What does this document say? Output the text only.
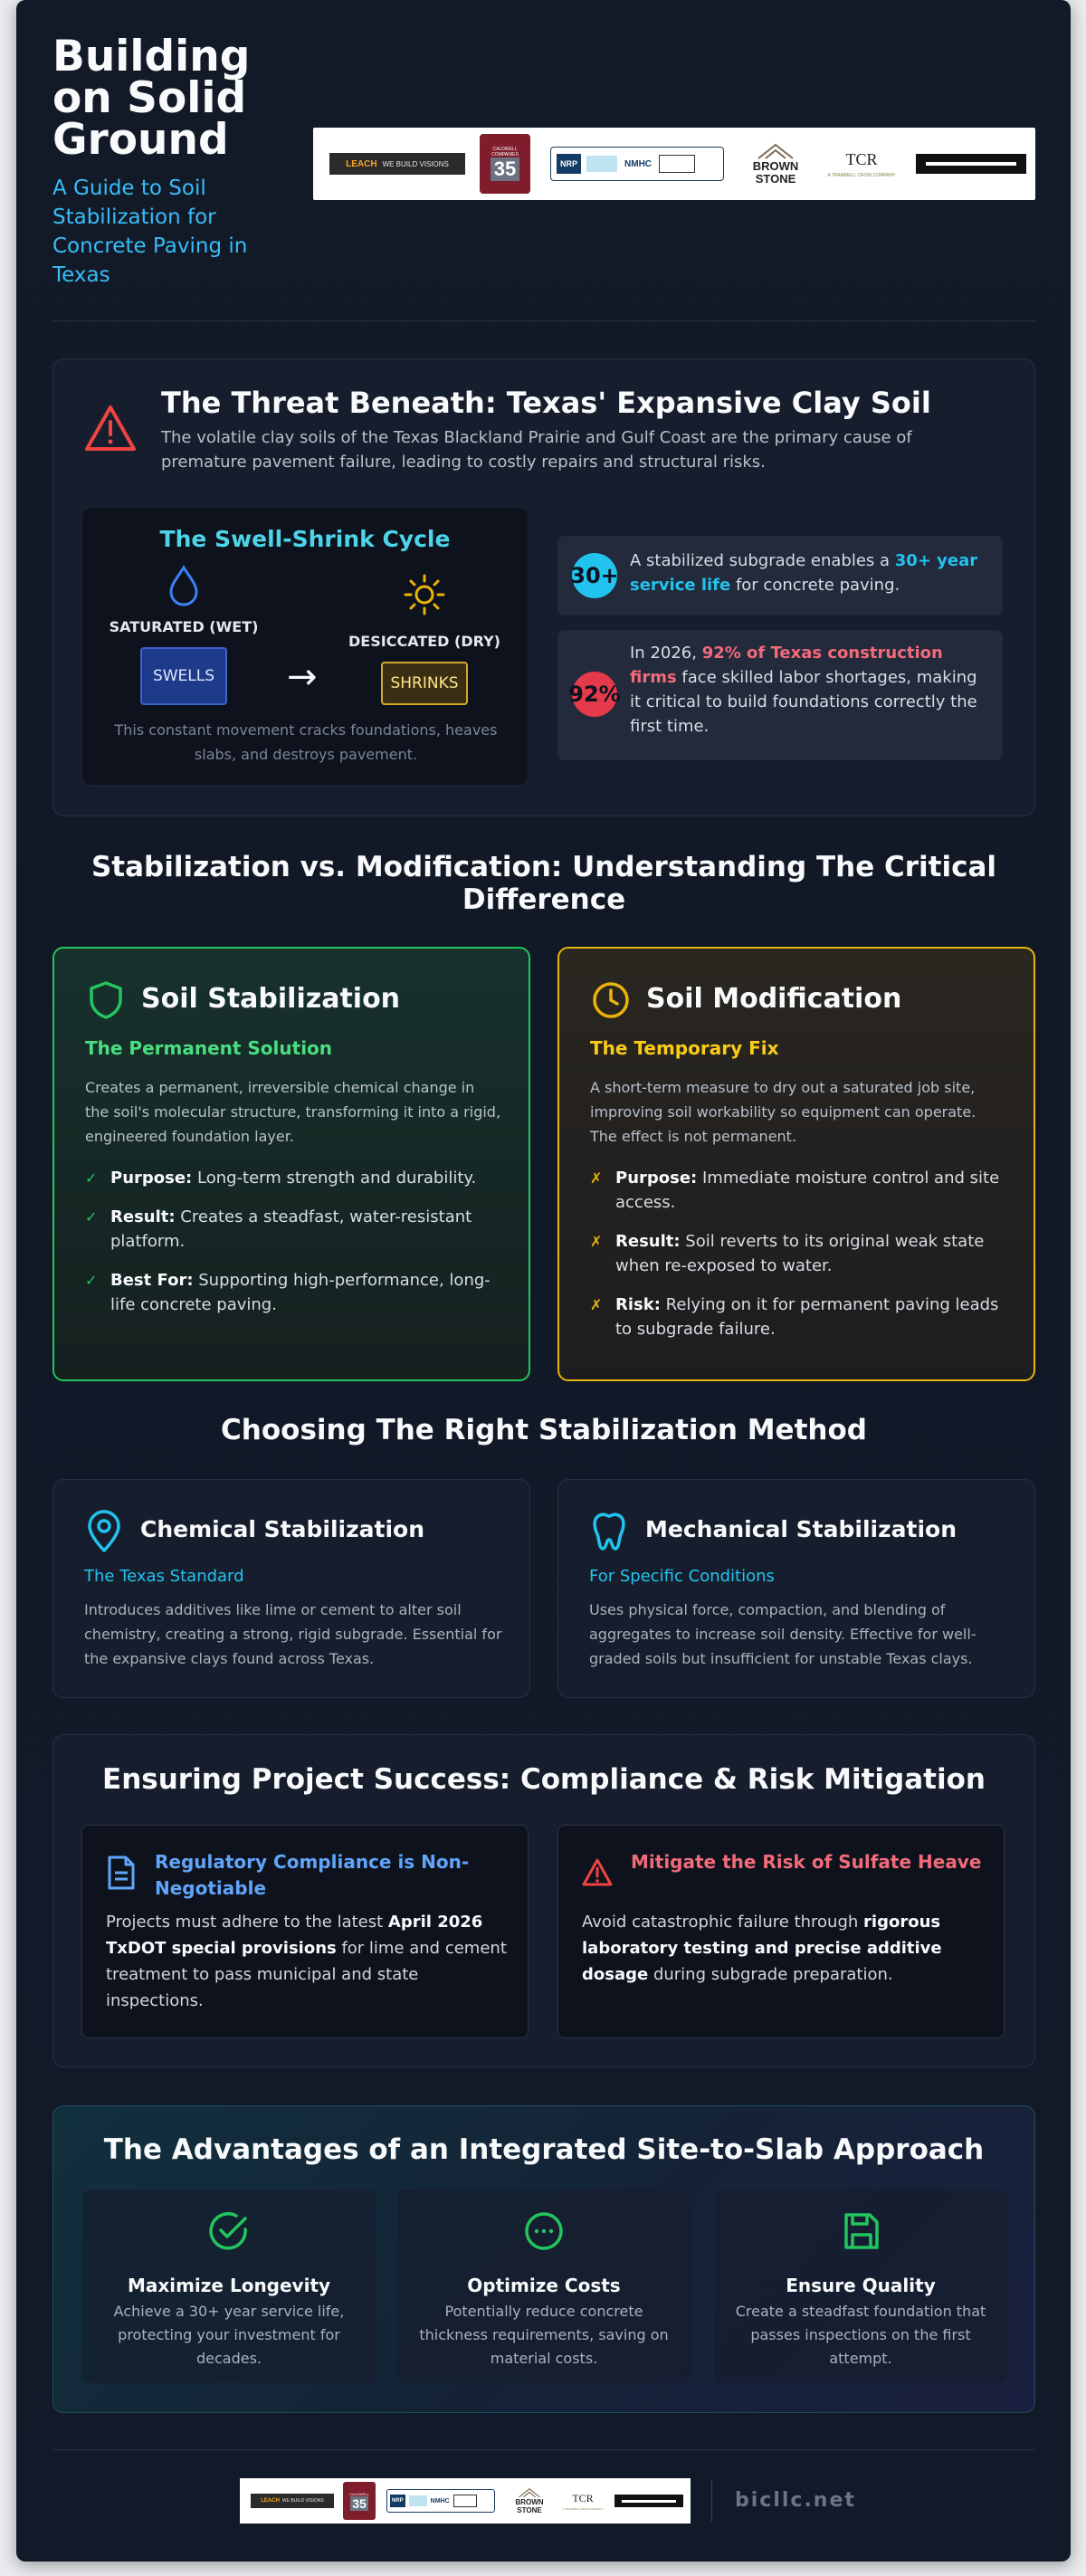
Building on Solid Ground
A Guide to Soil Stabilization for Concrete Paving in Texas
LEACH WE BUILD VISIONS
CALDWELL COMPANIES
35	NRP	NMHC	BROWN STONE
TCR
A TRAMMELL CROW COMPANY
The Threat Beneath: Texas' Expansive Clay Soil
The volatile clay soils of the Texas Blackland Prairie and Gulf Coast are the primary cause of premature pavement failure, leading to costly repairs and structural risks.
The Swell-Shrink Cycle
SATURATED (WET)
SWELLS	→
DESICCATED (DRY)
SHRINKS
This constant movement cracks foundations, heaves slabs, and destroys pavement.
30+
A stabilized subgrade enables a 30+ year service life for concrete paving.
92%
In 2026, 92% of Texas construction firms face skilled labor shortages, making it critical to build foundations correctly the first time.
Stabilization vs. Modification: Understanding The Critical Difference
Soil Stabilization
The Permanent Solution
Creates a permanent, irreversible chemical change in the soil's molecular structure, transforming it into a rigid, engineered foundation layer.
✓ Purpose: Long-term strength and durability.
✓ Result: Creates a steadfast, water-resistant platform.
✓ Best For: Supporting high-performance, long-life concrete paving.
Soil Modification
The Temporary Fix
A short-term measure to dry out a saturated job site, improving soil workability so equipment can operate. The effect is not permanent.
✗ Purpose: Immediate moisture control and site access.
✗ Result: Soil reverts to its original weak state when re-exposed to water.
✗ Risk: Relying on it for permanent paving leads to subgrade failure.
Choosing The Right Stabilization Method
Chemical Stabilization
The Texas Standard
Introduces additives like lime or cement to alter soil chemistry, creating a strong, rigid subgrade. Essential for the expansive clays found across Texas.
Mechanical Stabilization
For Specific Conditions
Uses physical force, compaction, and blending of aggregates to increase soil density. Effective for well-graded soils but insufficient for unstable Texas clays.
Ensuring Project Success: Compliance & Risk Mitigation
Regulatory Compliance is Non-Negotiable
Projects must adhere to the latest April 2026 TxDOT special provisions for lime and cement treatment to pass municipal and state inspections.
Mitigate the Risk of Sulfate Heave
Avoid catastrophic failure through rigorous laboratory testing and precise additive dosage during subgrade preparation.
The Advantages of an Integrated Site-to-Slab Approach
Maximize Longevity
Achieve a 30+ year service life, protecting your investment for decades.
Optimize Costs
Potentially reduce concrete thickness requirements, saving on material costs.
Ensure Quality
Create a steadfast foundation that passes inspections on the first attempt.
LEACH WE BUILD VISIONS
CALDWELL
35	NRP	NMHC	BROWN STONE
TCR
A TRAMMELL CROW COMPANY	bicllc.net
